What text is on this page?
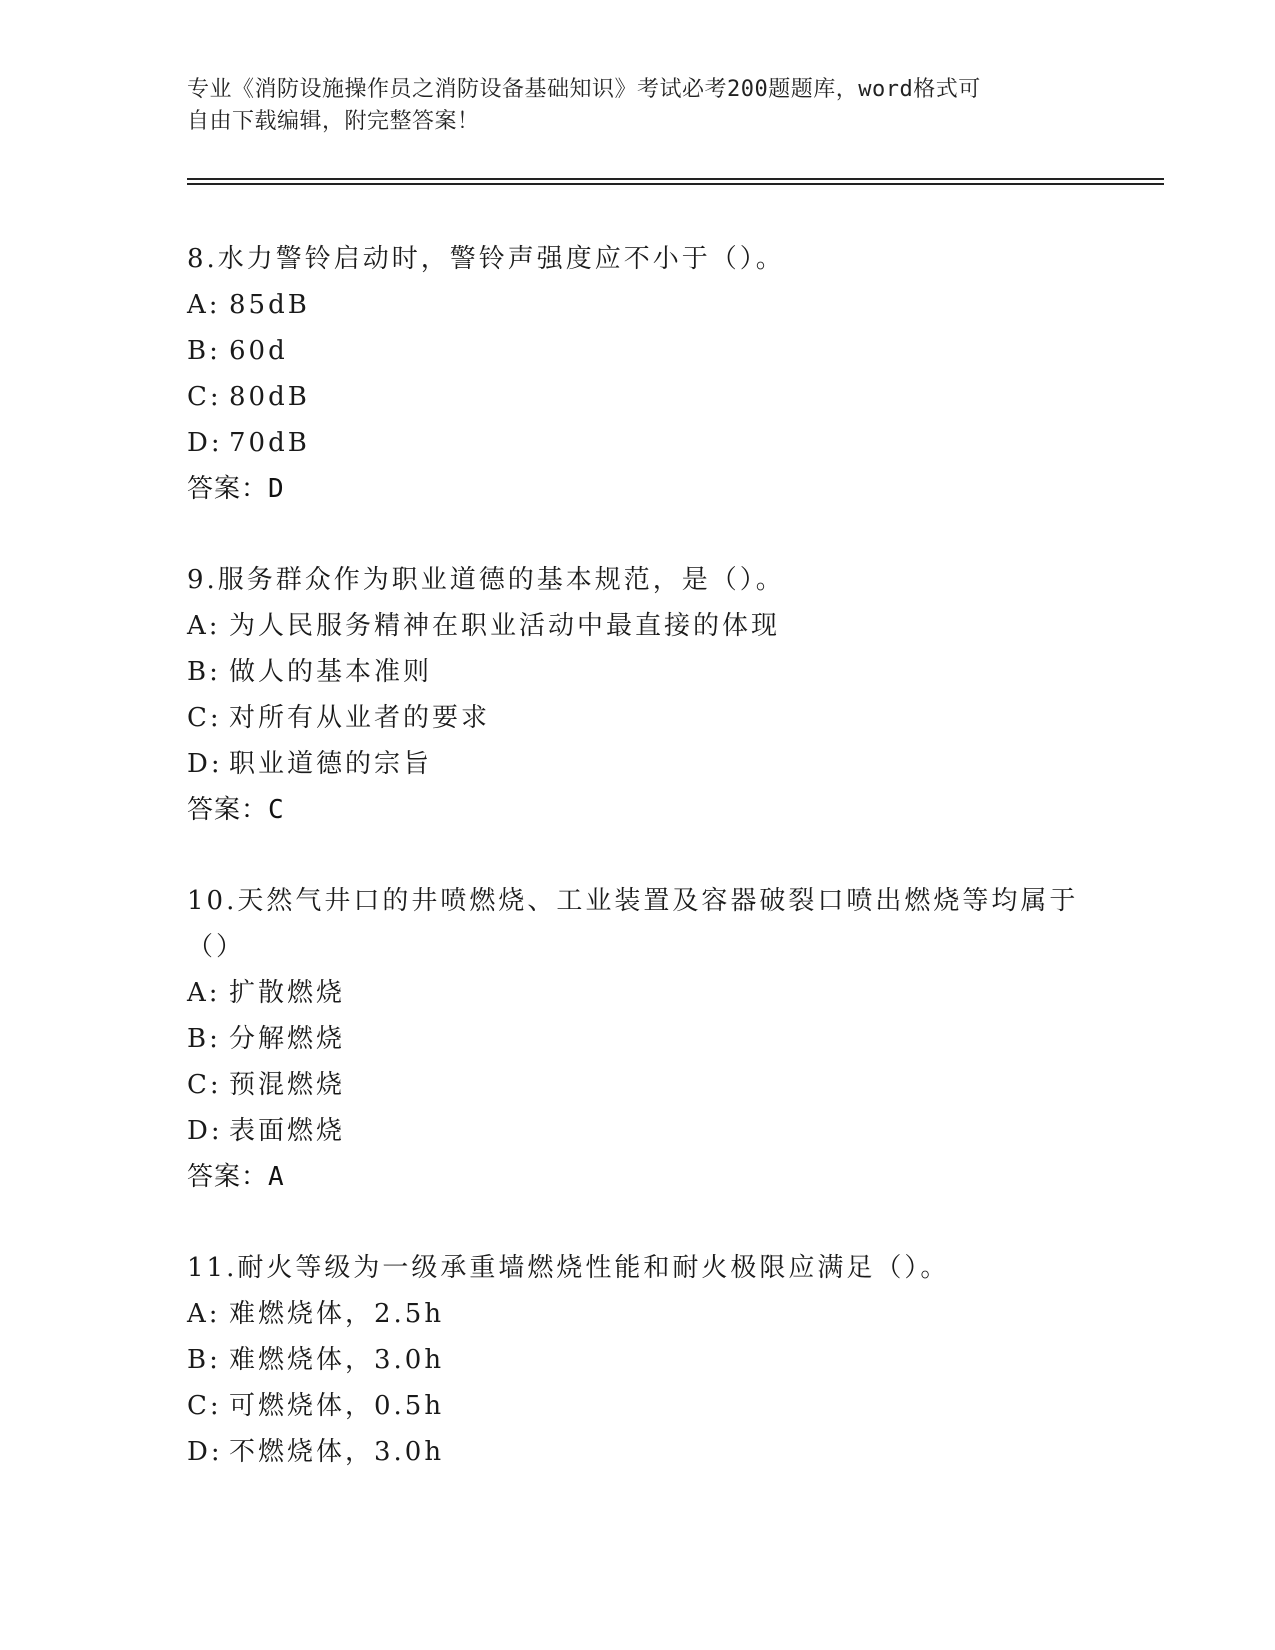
专业《消防设施操作员之消防设备基础知识》考试必考200题题库，word格式可
自由下载编辑，附完整答案！
8.水力警铃启动时，警铃声强度应不小于（）。
A: 85dB
B: 60d
C: 80dB
D: 70dB
答案：D
9.服务群众作为职业道德的基本规范，是（）。
A: 为人民服务精神在职业活动中最直接的体现
B: 做人的基本准则
C: 对所有从业者的要求
D: 职业道德的宗旨
答案：C
10.天然气井口的井喷燃烧、工业装置及容器破裂口喷出燃烧等均属于（）
A: 扩散燃烧
B: 分解燃烧
C: 预混燃烧
D: 表面燃烧
答案：A
11.耐火等级为一级承重墙燃烧性能和耐火极限应满足（）。
A: 难燃烧体，2.5h
B: 难燃烧体，3.0h
C: 可燃烧体，0.5h
D: 不燃烧体，3.0h
